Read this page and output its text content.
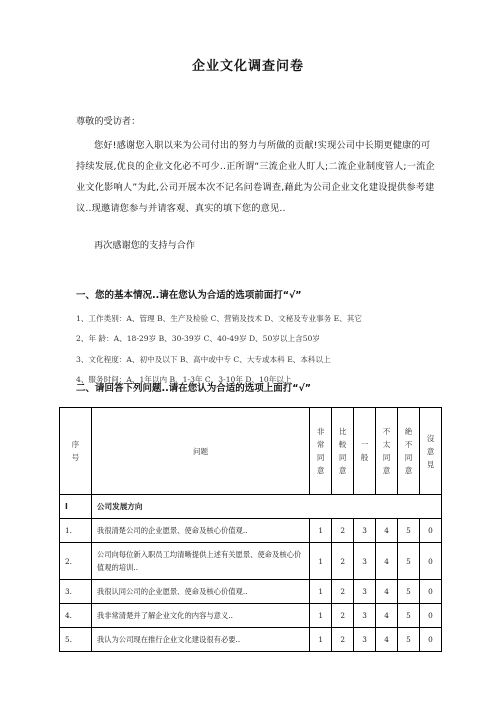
企业文化调查问卷
尊敬的受访者：
您好!感谢您入职以来为公司付出的努力与所做的贡献!实现公司中长期更健康的可持续发展,优良的企业文化必不可少..正所谓“三流企业人盯人;二流企业制度管人;一流企业文化影响人”为此,公司开展本次不记名问卷调查,藉此为公司企业文化建设提供参考建议..现邀请您参与并请客观、真实的填下您的意见..
再次感谢您的支持与合作
一、您的基本情况..请在您认为合适的选项前面打“√”
1、工作类别：A、管理 B、生产及检验 C、营销及技术 D、文秘及专业事务 E、其它
2、年 龄：A、18-29岁 B、30-39岁 C、40-49岁 D、50岁以上含50岁
3、文化程度：A、初中及以下 B、高中或中专 C、大专或本科 E、本科以上
4、服务时间：A、1年以内 B、1-3年 C、3-10年 D、10年以上
二、请回答下列问题..请在您认为合适的选项上面打“√”
序号	问题	非常同意	比較同意	一般	不太同意	絶不同意	沒意見
I	公司发展方向						
1.	我很清楚公司的企业愿景、使命及核心价值观..	1	2	3	4	5	0
2.	公司向每位新入职员工均清晰提供上述有关愿景、使命及核心价值观的培训..	1	2	3	4	5	0
3.	我很认同公司的企业愿景、使命及核心价值观..	1	2	3	4	5	0
4.	我非常清楚并了解企业文化的内容与意义..	1	2	3	4	5	0
5.	我认为公司现在推行企业文化建设很有必要..	1	2	3	4	5	0
